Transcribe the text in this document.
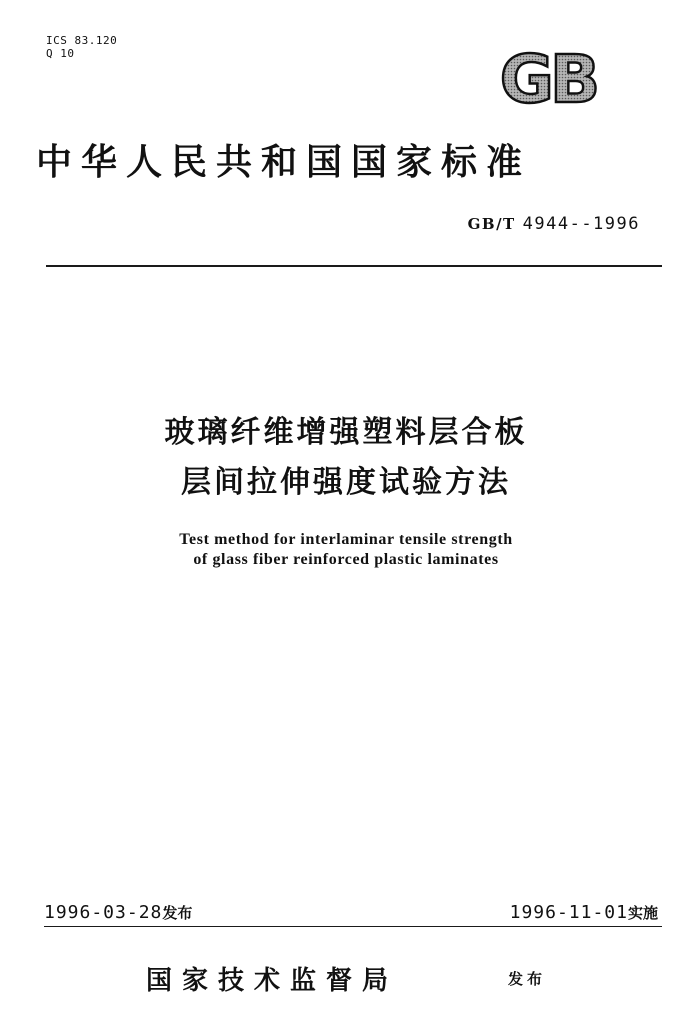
ICS 83.120
Q 10	GB
中华人民共和国国家标准
GB/T 4944--1996
玻璃纤维增强塑料层合板
层间拉伸强度试验方法
Test method for interlaminar tensile strength
of glass fiber reinforced plastic laminates
1996-03-28发布	1996-11-01实施
国家技术监督局	发布
